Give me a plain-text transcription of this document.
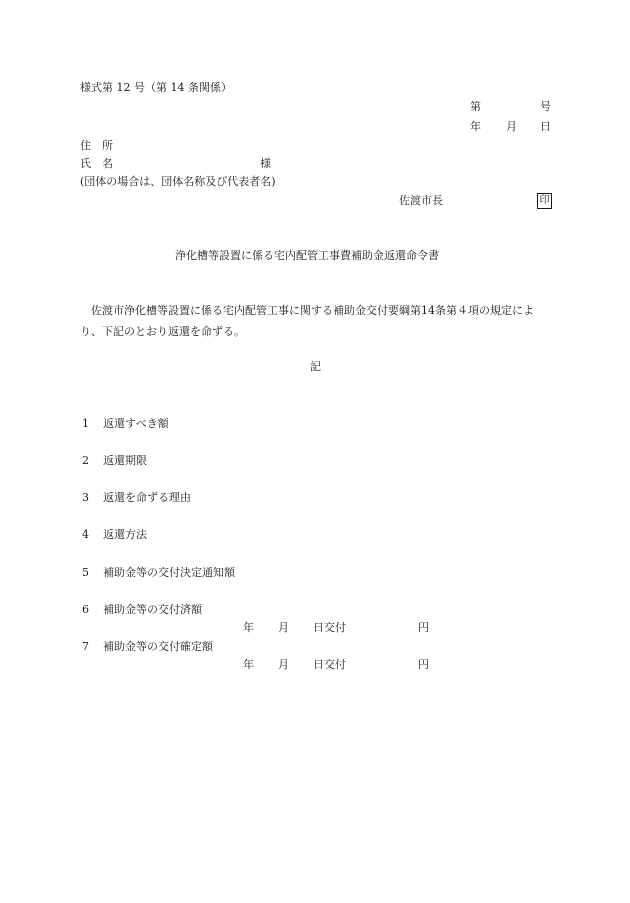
様式第 12 号（第 14 条関係）
第	号
年 月 日
住　所
氏　名	様
(団体の場合は、団体名称及び代表者名)
佐渡市長	印
浄化槽等設置に係る宅内配管工事費補助金返還命令書
佐渡市浄化槽等設置に係る宅内配管工事に関する補助金交付要綱第14条第４項の規定により、下記のとおり返還を命ずる。
記
1 返還すべき額
2 返還期限
3 返還を命ずる理由
4 返還方法
5 補助金等の交付決定通知額
6 補助金等の交付済額
年 月 日交付	円
7 補助金等の交付確定額
年 月 日交付	円
